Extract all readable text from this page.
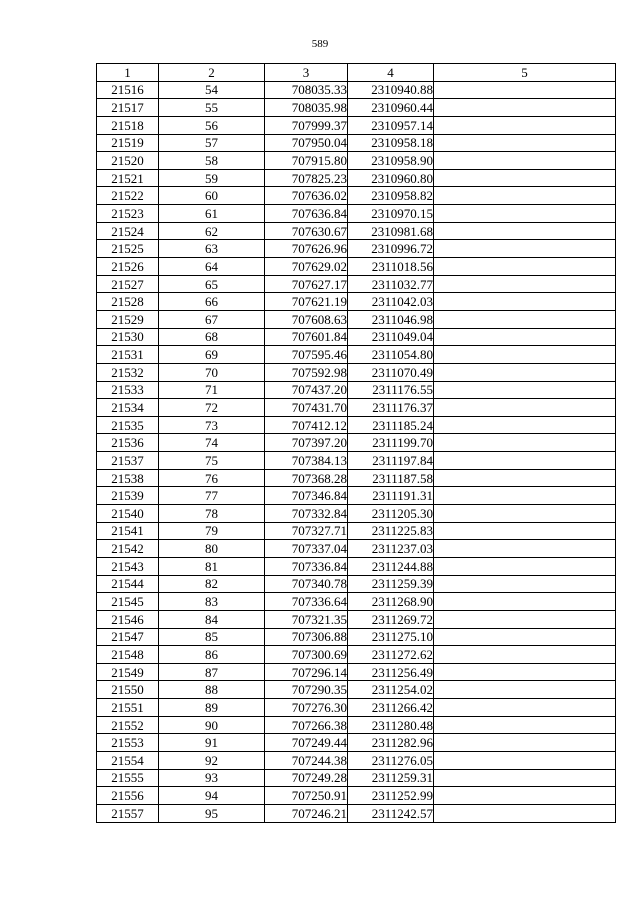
589
1	2	3	4	5
21516	54	708035.33	2310940.88	
21517	55	708035.98	2310960.44	
21518	56	707999.37	2310957.14	
21519	57	707950.04	2310958.18	
21520	58	707915.80	2310958.90	
21521	59	707825.23	2310960.80	
21522	60	707636.02	2310958.82	
21523	61	707636.84	2310970.15	
21524	62	707630.67	2310981.68	
21525	63	707626.96	2310996.72	
21526	64	707629.02	2311018.56	
21527	65	707627.17	2311032.77	
21528	66	707621.19	2311042.03	
21529	67	707608.63	2311046.98	
21530	68	707601.84	2311049.04	
21531	69	707595.46	2311054.80	
21532	70	707592.98	2311070.49	
21533	71	707437.20	2311176.55	
21534	72	707431.70	2311176.37	
21535	73	707412.12	2311185.24	
21536	74	707397.20	2311199.70	
21537	75	707384.13	2311197.84	
21538	76	707368.28	2311187.58	
21539	77	707346.84	2311191.31	
21540	78	707332.84	2311205.30	
21541	79	707327.71	2311225.83	
21542	80	707337.04	2311237.03	
21543	81	707336.84	2311244.88	
21544	82	707340.78	2311259.39	
21545	83	707336.64	2311268.90	
21546	84	707321.35	2311269.72	
21547	85	707306.88	2311275.10	
21548	86	707300.69	2311272.62	
21549	87	707296.14	2311256.49	
21550	88	707290.35	2311254.02	
21551	89	707276.30	2311266.42	
21552	90	707266.38	2311280.48	
21553	91	707249.44	2311282.96	
21554	92	707244.38	2311276.05	
21555	93	707249.28	2311259.31	
21556	94	707250.91	2311252.99	
21557	95	707246.21	2311242.57	
